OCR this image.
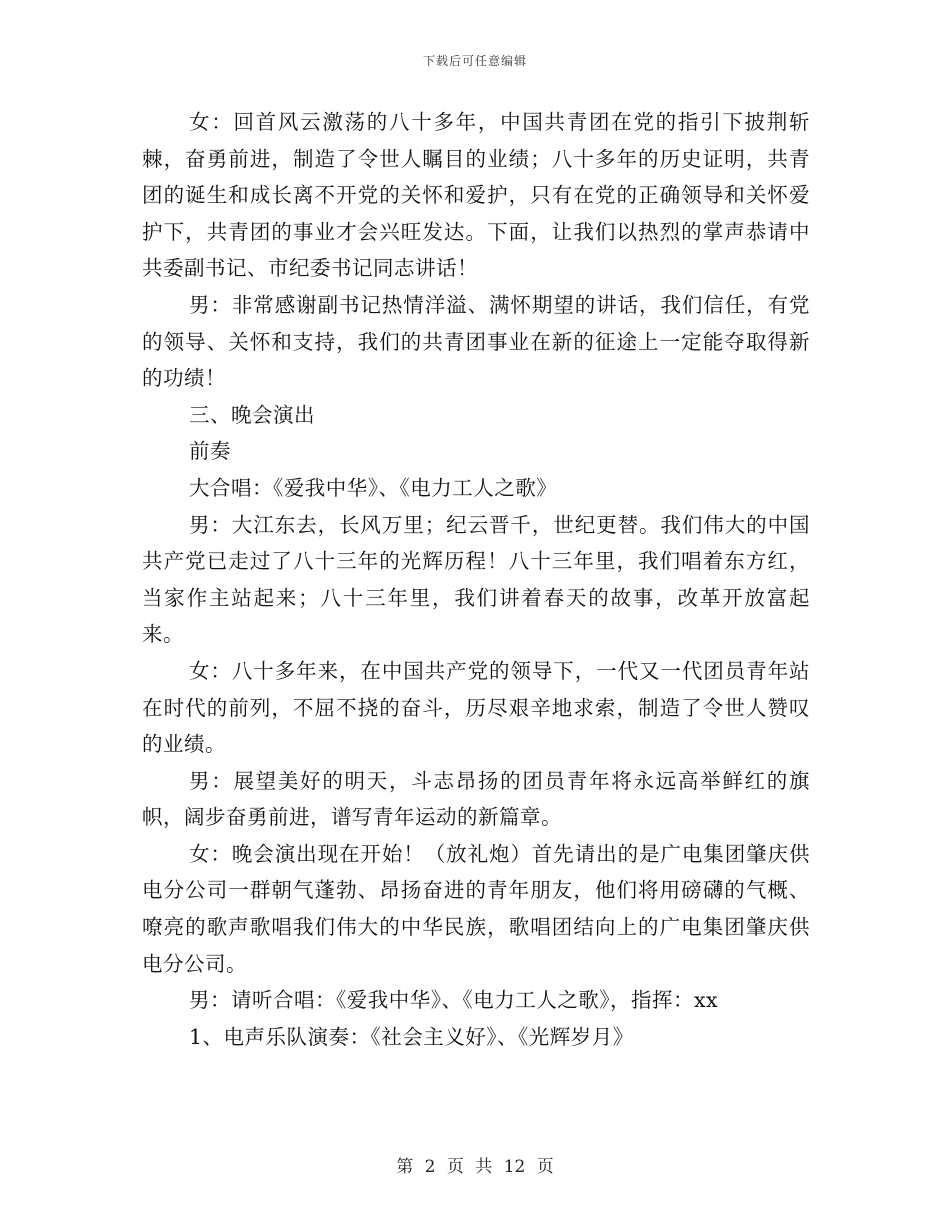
下载后可任意编辑

女：回首风云激荡的八十多年，中国共青团在党的指引下披荆斩棘，奋勇前进，制造了令世人瞩目的业绩；八十多年的历史证明，共青团的诞生和成长离不开党的关怀和爱护，只有在党的正确领导和关怀爱护下，共青团的事业才会兴旺发达。下面，让我们以热烈的掌声恭请中共委副书记、市纪委书记同志讲话！

男：非常感谢副书记热情洋溢、满怀期望的讲话，我们信任，有党的领导、关怀和支持，我们的共青团事业在新的征途上一定能夺取得新的功绩！

三、晚会演出

前奏

大合唱：《爱我中华》、《电力工人之歌》

男：大江东去，长风万里；纪云晋千，世纪更替。我们伟大的中国共产党已走过了八十三年的光辉历程！八十三年里，我们唱着东方红，当家作主站起来；八十三年里，我们讲着春天的故事，改革开放富起来。

女：八十多年来，在中国共产党的领导下，一代又一代团员青年站在时代的前列，不屈不挠的奋斗，历尽艰辛地求索，制造了令世人赞叹的业绩。

男：展望美好的明天，斗志昂扬的团员青年将永远高举鲜红的旗帜，阔步奋勇前进，谱写青年运动的新篇章。

女：晚会演出现在开始！（放礼炮）首先请出的是广电集团肇庆供电分公司一群朝气蓬勃、昂扬奋进的青年朋友，他们将用磅礴的气概、嘹亮的歌声歌唱我们伟大的中华民族，歌唱团结向上的广电集团肇庆供电分公司。

男：请听合唱：《爱我中华》、《电力工人之歌》，指挥：xx

1、电声乐队演奏：《社会主义好》、《光辉岁月》

第 2 页 共 12 页
